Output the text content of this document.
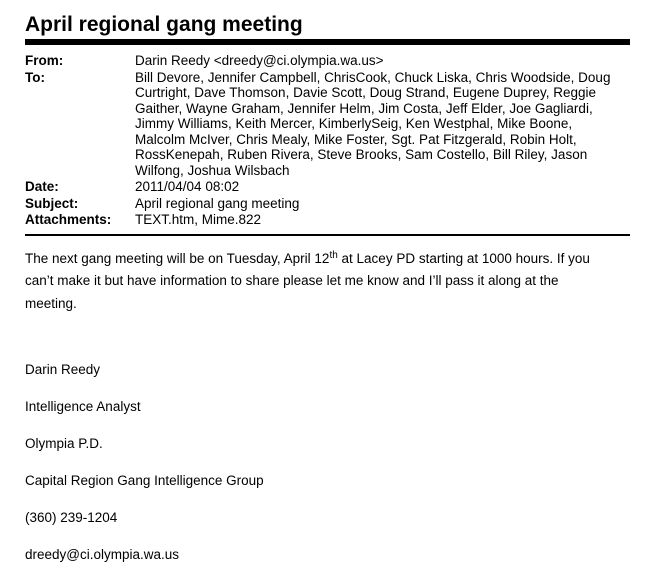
April regional gang meeting
From:	Darin Reedy <dreedy@ci.olympia.wa.us>
To:	Bill Devore, Jennifer Campbell, ChrisCook, Chuck Liska, Chris Woodside, Doug
Curtright, Dave Thomson, Davie Scott, Doug Strand, Eugene Duprey, Reggie
Gaither, Wayne Graham, Jennifer Helm, Jim Costa, Jeff Elder, Joe Gagliardi,
Jimmy Williams, Keith Mercer, KimberlySeig, Ken Westphal, Mike Boone,
Malcolm McIver, Chris Mealy, Mike Foster, Sgt. Pat Fitzgerald, Robin Holt,
RossKenepah, Ruben Rivera, Steve Brooks, Sam Costello, Bill Riley, Jason
Wilfong, Joshua Wilsbach
Date:	2011/04/04 08:02
Subject:	April regional gang meeting
Attachments:	TEXT.htm, Mime.822
The next gang meeting will be on Tuesday, April 12th at Lacey PD starting at 1000 hours. If you
can’t make it but have information to share please let me know and I’ll pass it along at the
meeting.
Darin Reedy
Intelligence Analyst
Olympia P.D.
Capital Region Gang Intelligence Group
(360) 239-1204
dreedy@ci.olympia.wa.us
